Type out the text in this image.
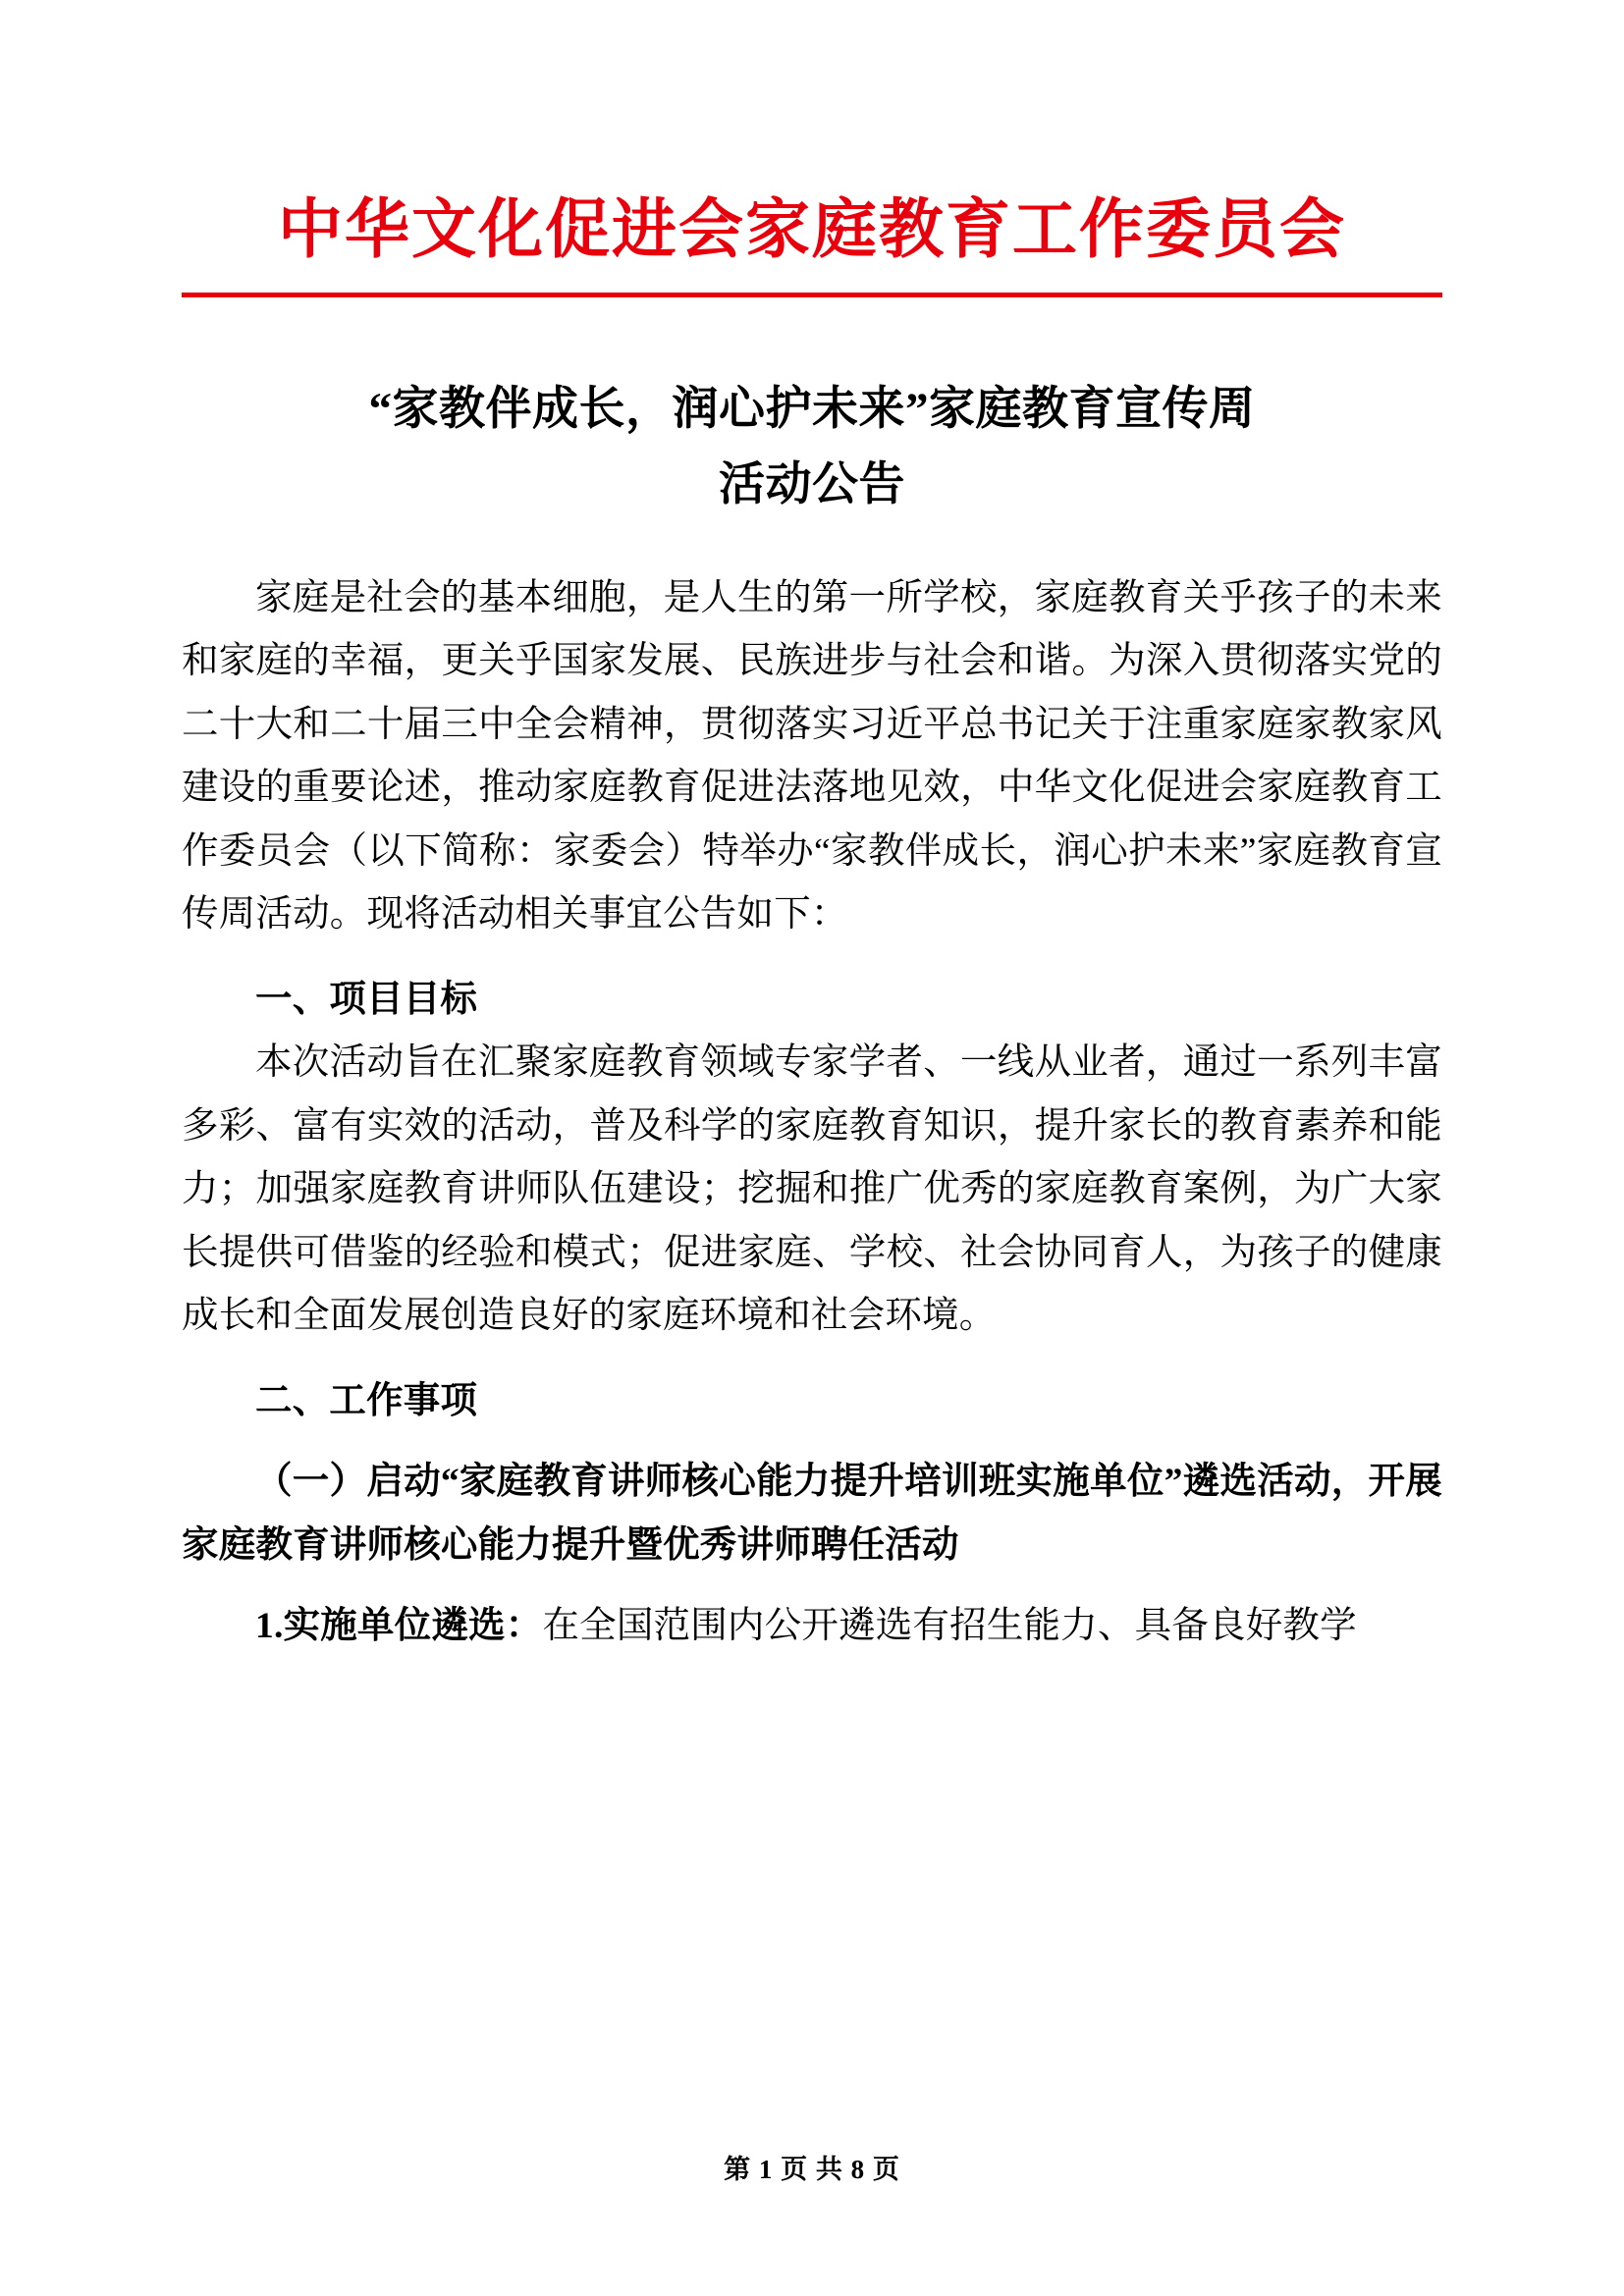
中华文化促进会家庭教育工作委员会
“家教伴成长，润心护未来”家庭教育宣传周
活动公告

家庭是社会的基本细胞，是人生的第一所学校，家庭教育关乎孩子的未来和家庭的幸福，更关乎国家发展、民族进步与社会和谐。为深入贯彻落实党的二十大和二十届三中全会精神，贯彻落实习近平总书记关于注重家庭家教家风建设的重要论述，推动家庭教育促进法落地见效，中华文化促进会家庭教育工作委员会（以下简称：家委会）特举办“家教伴成长，润心护未来”家庭教育宣传周活动。现将活动相关事宜公告如下：

一、项目目标

本次活动旨在汇聚家庭教育领域专家学者、一线从业者，通过一系列丰富多彩、富有实效的活动，普及科学的家庭教育知识，提升家长的教育素养和能力；加强家庭教育讲师队伍建设；挖掘和推广优秀的家庭教育案例，为广大家长提供可借鉴的经验和模式；促进家庭、学校、社会协同育人，为孩子的健康成长和全面发展创造良好的家庭环境和社会环境。

二、工作事项

（一）启动“家庭教育讲师核心能力提升培训班实施单位”遴选活动，开展家庭教育讲师核心能力提升暨优秀讲师聘任活动

1.实施单位遴选：在全国范围内公开遴选有招生能力、具备良好教学

第 1 页 共 8 页
